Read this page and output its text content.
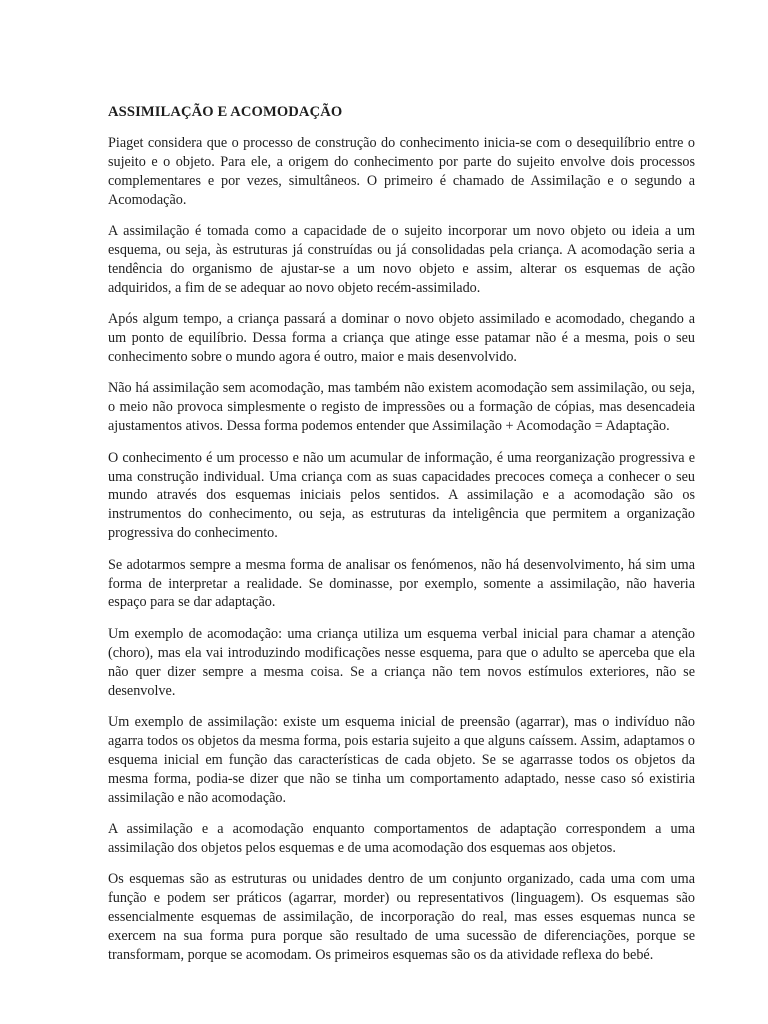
ASSIMILAÇÃO E ACOMODAÇÃO

Piaget considera que o processo de construção do conhecimento inicia-se com o desequilíbrio entre o sujeito e o objeto. Para ele, a origem do conhecimento por parte do sujeito envolve dois processos complementares e por vezes, simultâneos. O primeiro é chamado de Assimilação e o segundo a Acomodação.

A assimilação é tomada como a capacidade de o sujeito incorporar um novo objeto ou ideia a um esquema, ou seja, às estruturas já construídas ou já consolidadas pela criança. A acomodação seria a tendência do organismo de ajustar-se a um novo objeto e assim, alterar os esquemas de ação adquiridos, a fim de se adequar ao novo objeto recém-assimilado.

Após algum tempo, a criança passará a dominar o novo objeto assimilado e acomodado, chegando a um ponto de equilíbrio. Dessa forma a criança que atinge esse patamar não é a mesma, pois o seu conhecimento sobre o mundo agora é outro, maior e mais desenvolvido.

Não há assimilação sem acomodação, mas também não existem acomodação sem assimilação, ou seja, o meio não provoca simplesmente o registo de impressões ou a formação de cópias, mas desencadeia ajustamentos ativos. Dessa forma podemos entender que Assimilação + Acomodação = Adaptação.

O conhecimento é um processo e não um acumular de informação, é uma reorganização progressiva e uma construção individual. Uma criança com as suas capacidades precoces começa a conhecer o seu mundo através dos esquemas iniciais pelos sentidos. A assimilação e a acomodação são os instrumentos do conhecimento, ou seja, as estruturas da inteligência que permitem a organização progressiva do conhecimento.

Se adotarmos sempre a mesma forma de analisar os fenómenos, não há desenvolvimento, há sim uma forma de interpretar a realidade. Se dominasse, por exemplo, somente a assimilação, não haveria espaço para se dar adaptação.

Um exemplo de acomodação: uma criança utiliza um esquema verbal inicial para chamar a atenção (choro), mas ela vai introduzindo modificações nesse esquema, para que o adulto se aperceba que ela não quer dizer sempre a mesma coisa. Se a criança não tem novos estímulos exteriores, não se desenvolve.

Um exemplo de assimilação: existe um esquema inicial de preensão (agarrar), mas o indivíduo não agarra todos os objetos da mesma forma, pois estaria sujeito a que alguns caíssem. Assim, adaptamos o esquema inicial em função das características de cada objeto. Se se agarrasse todos os objetos da mesma forma, podia-se dizer que não se tinha um comportamento adaptado, nesse caso só existiria assimilação e não acomodação.

A assimilação e a acomodação enquanto comportamentos de adaptação correspondem a uma assimilação dos objetos pelos esquemas e de uma acomodação dos esquemas aos objetos.

Os esquemas são as estruturas ou unidades dentro de um conjunto organizado, cada uma com uma função e podem ser práticos (agarrar, morder) ou representativos (linguagem). Os esquemas são essencialmente esquemas de assimilação, de incorporação do real, mas esses esquemas nunca se exercem na sua forma pura porque são resultado de uma sucessão de diferenciações, porque se transformam, porque se acomodam. Os primeiros esquemas são os da atividade reflexa do bebé.
